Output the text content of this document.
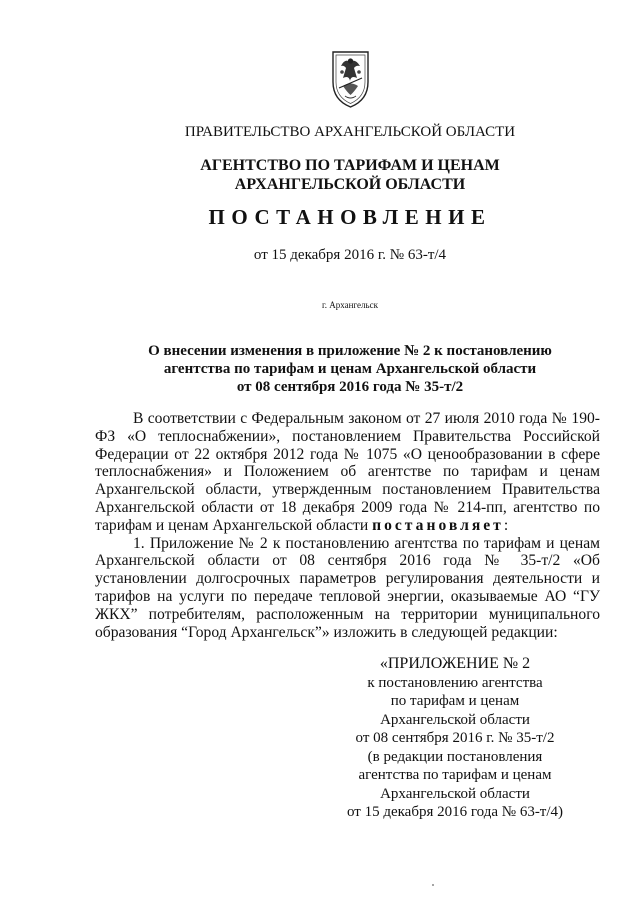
ПРАВИТЕЛЬСТВО АРХАНГЕЛЬСКОЙ ОБЛАСТИ
АГЕНТСТВО ПО ТАРИФАМ И ЦЕНАМ
АРХАНГЕЛЬСКОЙ ОБЛАСТИ
ПОСТАНОВЛЕНИЕ
от 15 декабря 2016 г. № 63-т/4
г. Архангельск
О внесении изменения в приложение № 2 к постановлению
агентства по тарифам и ценам Архангельской области
от 08 сентября 2016 года № 35-т/2

В соответствии с Федеральным законом от 27 июля 2010 года № 190-ФЗ «О теплоснабжении», постановлением Правительства Российской Федерации от 22 октября 2012 года № 1075 «О ценообразовании в сфере теплоснабжения» и Положением об агентстве по тарифам и ценам Архангельской области, утвержденным постановлением Правительства Архангельской области от 18 декабря 2009 года № 214-пп, агентство по тарифам и ценам Архангельской области постановляет:

1. Приложение № 2 к постановлению агентства по тарифам и ценам Архангельской области от 08 сентября 2016 года № 35-т/2 «Об установлении долгосрочных параметров регулирования деятельности и тарифов на услуги по передаче тепловой энергии, оказываемые АО “ГУ ЖКХ” потребителям, расположенным на территории муниципального образования “Город Архангельск”» изложить в следующей редакции:

«ПРИЛОЖЕНИЕ № 2
к постановлению агентства
по тарифам и ценам
Архангельской области
от 08 сентября 2016 г. № 35-т/2
(в редакции постановления
агентства по тарифам и ценам
Архангельской области
от 15 декабря 2016 года № 63-т/4)
